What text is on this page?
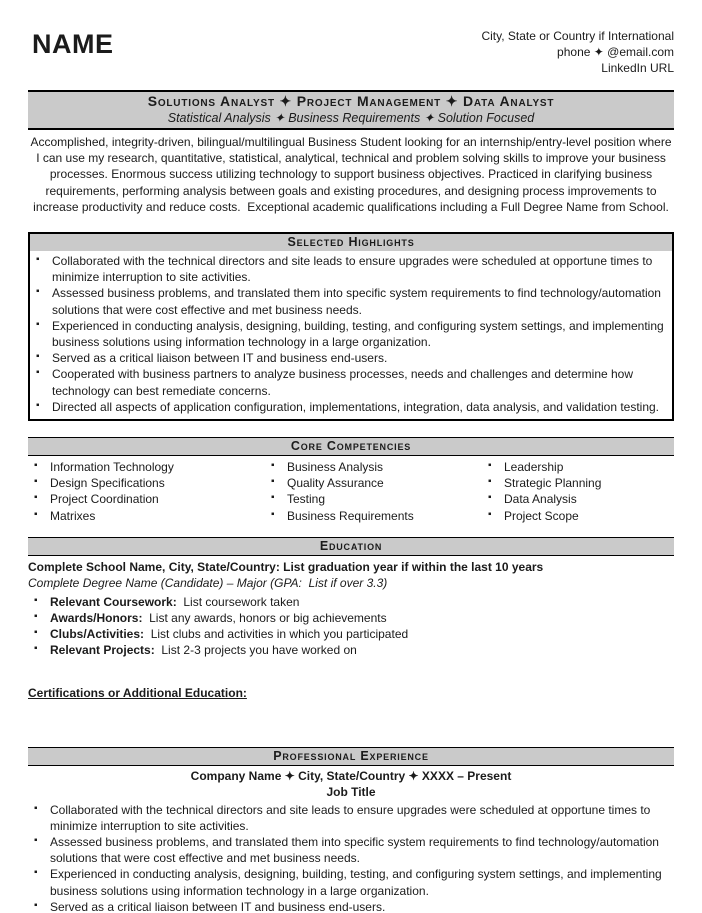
NAME	City, State or Country if International
phone ✦ @email.com
LinkedIn URL
Solutions Analyst ✦ Project Management ✦ Data Analyst
Statistical Analysis ✦ Business Requirements ✦ Solution Focused
Accomplished, integrity-driven, bilingual/multilingual Business Student looking for an internship/entry-level position where I can use my research, quantitative, statistical, analytical, technical and problem solving skills to improve your business processes. Enormous success utilizing technology to support business objectives. Practiced in clarifying business requirements, performing analysis between goals and existing procedures, and designing process improvements to increase productivity and reduce costs.  Exceptional academic qualifications including a Full Degree Name from School.
Selected Highlights
▪ Collaborated with the technical directors and site leads to ensure upgrades were scheduled at opportune times to minimize interruption to site activities.
▪ Assessed business problems, and translated them into specific system requirements to find technology/automation solutions that were cost effective and met business needs.
▪ Experienced in conducting analysis, designing, building, testing, and configuring system settings, and implementing business solutions using information technology in a large organization.
▪ Served as a critical liaison between IT and business end-users.
▪ Cooperated with business partners to analyze business processes, needs and challenges and determine how technology can best remediate concerns.
▪ Directed all aspects of application configuration, implementations, integration, data analysis, and validation testing.
Core Competencies
▪ Information Technology
▪ Design Specifications
▪ Project Coordination
▪ Matrixes
▪ Business Analysis
▪ Quality Assurance
▪ Testing
▪ Business Requirements
▪ Leadership
▪ Strategic Planning
▪ Data Analysis
▪ Project Scope
Education
Complete School Name, City, State/Country: List graduation year if within the last 10 years
Complete Degree Name (Candidate) – Major (GPA:  List if over 3.3)
▪ Relevant Coursework:  List coursework taken
▪ Awards/Honors:  List any awards, honors or big achievements
▪ Clubs/Activities:  List clubs and activities in which you participated
▪ Relevant Projects:  List 2-3 projects you have worked on
Certifications or Additional Education:
Professional Experience
Company Name ✦ City, State/Country ✦ XXXX – Present
Job Title
▪ Collaborated with the technical directors and site leads to ensure upgrades were scheduled at opportune times to minimize interruption to site activities.
▪ Assessed business problems, and translated them into specific system requirements to find technology/automation solutions that were cost effective and met business needs.
▪ Experienced in conducting analysis, designing, building, testing, and configuring system settings, and implementing business solutions using information technology in a large organization.
▪ Served as a critical liaison between IT and business end-users.
